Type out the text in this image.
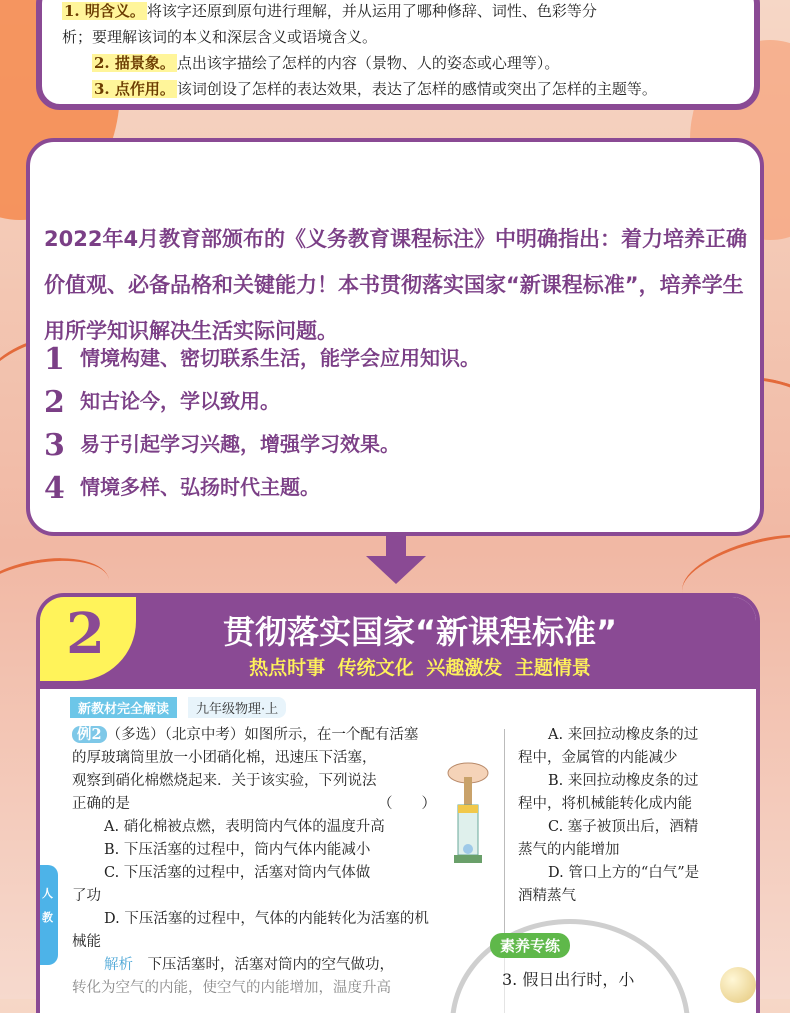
1. 明含义。 将该字还原到原句进行理解，并从运用了哪种修辞、词性、色彩等分
析；要理解该词的本义和深层含义或语境含义。
2. 描景象。 点出该字描绘了怎样的内容（景物、人的姿态或心理等）。
3. 点作用。 该词创设了怎样的表达效果，表达了怎样的感情或突出了怎样的主题等。
2022年4月教育部颁布的《义务教育课程标注》中明确指出：着力培养正确价值观、必备品格和关键能力！本书贯彻落实国家“新课程标准”，培养学生用所学知识解决生活实际问题。
1 情境构建、密切联系生活，能学会应用知识。
2 知古论今，学以致用。
3 易于引起学习兴趣，增强学习效果。
4 情境多样、弘扬时代主题。
2	贯彻落实国家“新课程标准”
热点时事 传统文化 兴趣激发 主题情景
新教材完全解读	九年级物理·上
例2 （多选）（北京中考）如图所示，在一个配有活塞
的厚玻璃筒里放一小团硝化棉，迅速压下活塞，
观察到硝化棉燃烧起来．关于该实验，下列说法
正确的是	（　　）
A. 硝化棉被点燃，表明筒内气体的温度升高
B. 下压活塞的过程中，筒内气体内能减小
C. 下压活塞的过程中，活塞对筒内气体做
了功
D. 下压活塞的过程中，气体的内能转化为活塞的机
械能
解析　 下压活塞时，活塞对筒内的空气做功，
转化为空气的内能，使空气的内能增加，温度升高
A. 来回拉动橡皮条的过
程中，金属管的内能减少
B. 来回拉动橡皮条的过
程中，将机械能转化成内能
C. 塞子被顶出后，酒精
蒸气的内能增加
D. 管口上方的“白气”是
酒精蒸气
人
教
素养专练
3. 假日出行时，小
